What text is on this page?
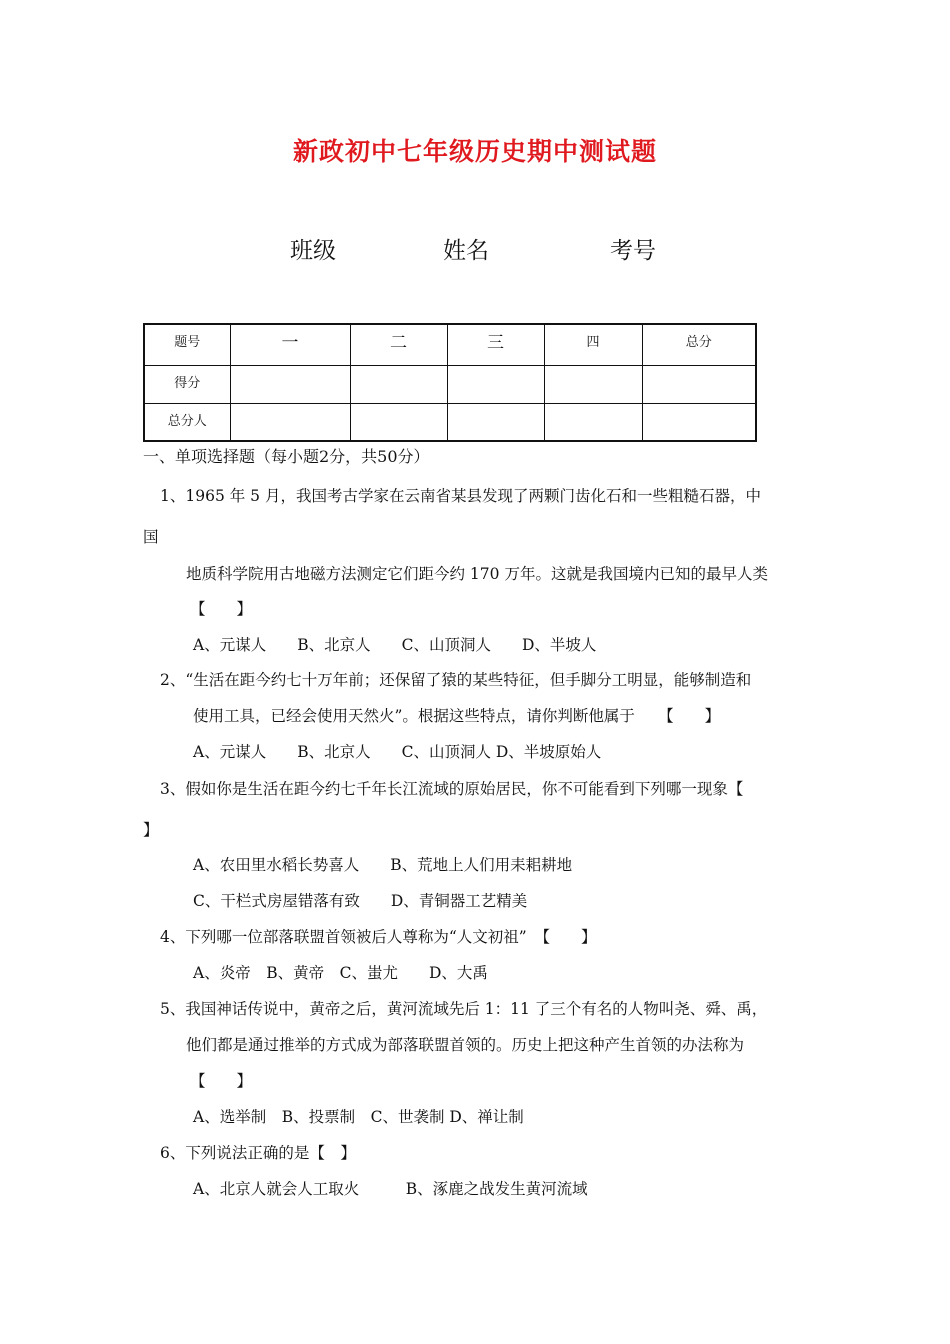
新政初中七年级历史期中测试题
班级	姓名	考号
题号	一	二	三	四	总分
得分					
总分人					
一、单项选择题（每小题2分，共50分）
1、1965 年 5 月，我国考古学家在云南省某县发现了两颗门齿化石和一些粗糙石器，中
国
地质科学院用古地磁方法测定它们距今约 170 万年。这就是我国境内已知的最早人类
【　　】
A、元谋人　　B、北京人　　C、山顶洞人　　D、半坡人
2、“生活在距今约七十万年前；还保留了猿的某些特征，但手脚分工明显，能够制造和
使用工具，已经会使用天然火”。根据这些特点，请你判断他属于　　【　　】
A、元谋人　　B、北京人　　C、山顶洞人 D、半坡原始人
3、假如你是生活在距今约七千年长江流域的原始居民，你不可能看到下列哪一现象【
】
A、农田里水稻长势喜人　　B、荒地上人们用耒耜耕地
C、干栏式房屋错落有致　　D、青铜器工艺精美
4、下列哪一位部落联盟首领被后人尊称为“人文初祖”　【　　】
A、炎帝　B、黄帝　C、蚩尤　　D、大禹
5、我国神话传说中，黄帝之后，黄河流域先后 1：11 了三个有名的人物叫尧、舜、禹，
他们都是通过推举的方式成为部落联盟首领的。历史上把这种产生首领的办法称为
【　　】
A、选举制　B、投票制　C、世袭制 D、禅让制
6、下列说法正确的是【　】
A、北京人就会人工取火　　　B、涿鹿之战发生黄河流域
